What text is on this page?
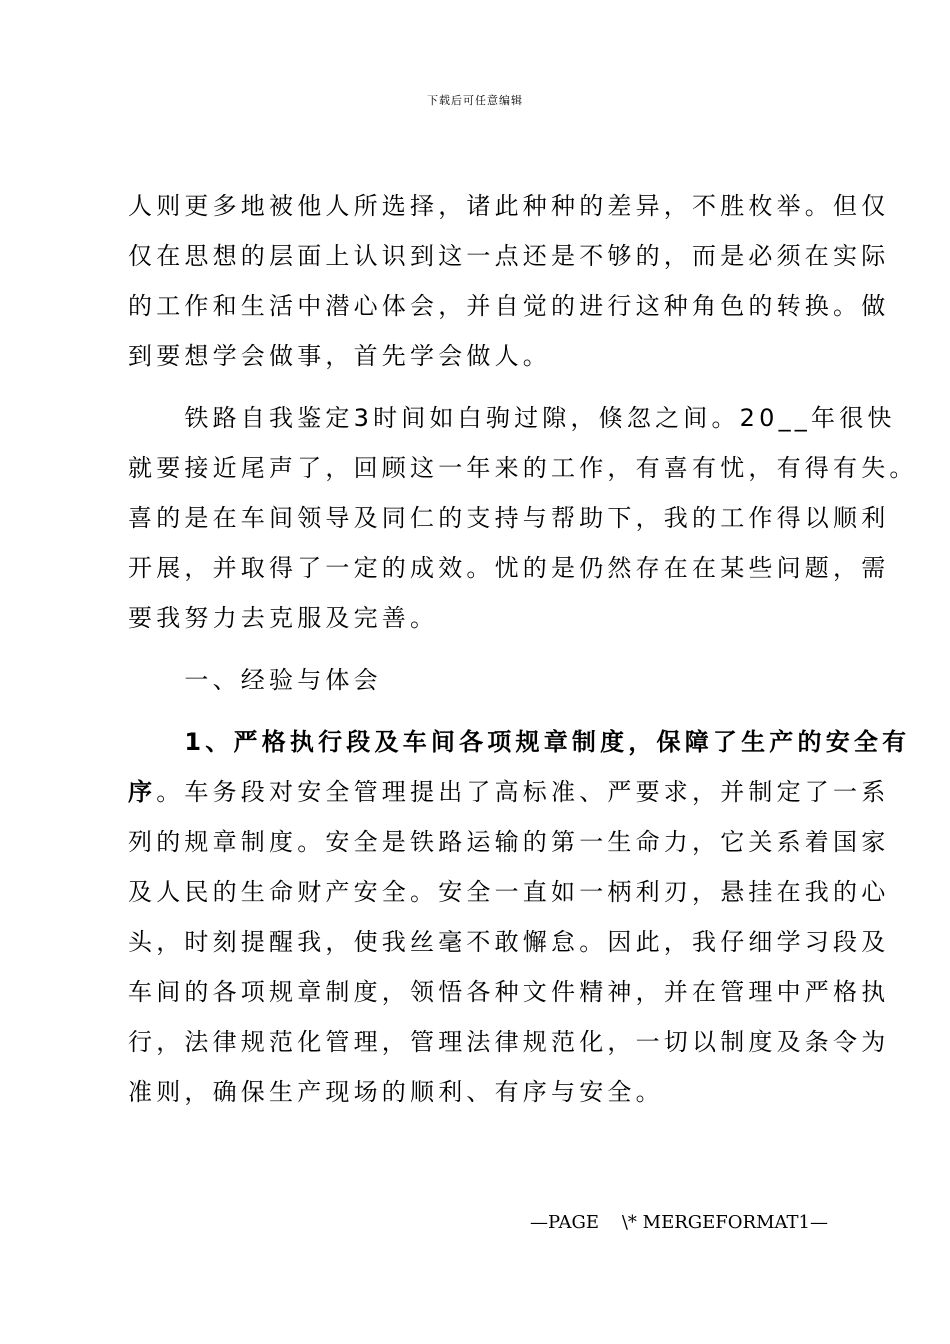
下载后可任意编辑
人则更多地被他人所选择，诸此种种的差异，不胜枚举。但仅
仅在思想的层面上认识到这一点还是不够的，而是必须在实际
的工作和生活中潜心体会，并自觉的进行这种角色的转换。做
到要想学会做事，首先学会做人。
　　铁路自我鉴定3时间如白驹过隙，倏忽之间。20__年很快
就要接近尾声了，回顾这一年来的工作，有喜有忧，有得有失。
喜的是在车间领导及同仁的支持与帮助下，我的工作得以顺利
开展，并取得了一定的成效。忧的是仍然存在在某些问题，需
要我努力去克服及完善。
　　一、经验与体会
　　1、严格执行段及车间各项规章制度，保障了生产的安全有
序。车务段对安全管理提出了高标准、严要求，并制定了一系
列的规章制度。安全是铁路运输的第一生命力，它关系着国家
及人民的生命财产安全。安全一直如一柄利刃，悬挂在我的心
头，时刻提醒我，使我丝毫不敢懈怠。因此，我仔细学习段及
车间的各项规章制度，领悟各种文件精神，并在管理中严格执
行，法律规范化管理，管理法律规范化，一切以制度及条令为
准则，确保生产现场的顺利、有序与安全。
—PAGE    \* MERGEFORMAT1—
